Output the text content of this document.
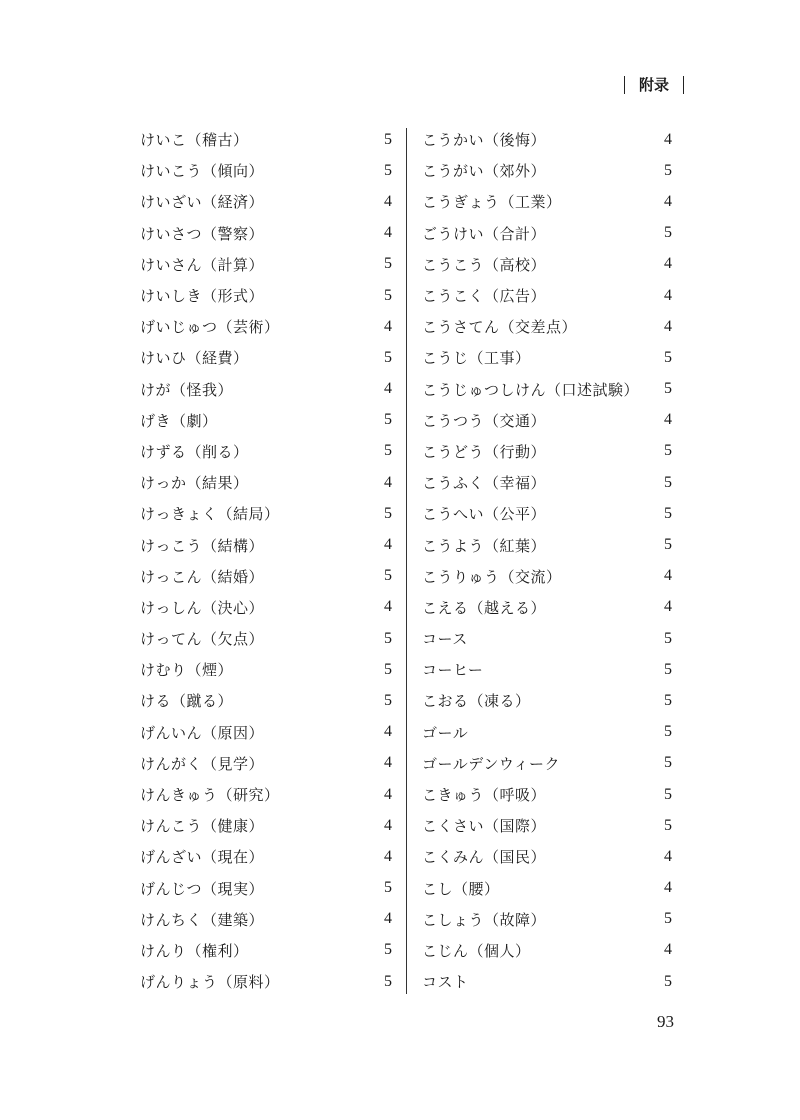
附录
けいこ（稽古）	5
けいこう（傾向）	5
けいざい（経済）	4
けいさつ（警察）	4
けいさん（計算）	5
けいしき（形式）	5
げいじゅつ（芸術）	4
けいひ（経費）	5
けが（怪我）	4
げき（劇）	5
けずる（削る）	5
けっか（結果）	4
けっきょく（結局）	5
けっこう（結構）	4
けっこん（結婚）	5
けっしん（決心）	4
けってん（欠点）	5
けむり（煙）	5
ける（蹴る）	5
げんいん（原因）	4
けんがく（見学）	4
けんきゅう（研究）	4
けんこう（健康）	4
げんざい（現在）	4
げんじつ（現実）	5
けんちく（建築）	4
けんり（権利）	5
げんりょう（原料）	5
こうかい（後悔）	4
こうがい（郊外）	5
こうぎょう（工業）	4
ごうけい（合計）	5
こうこう（高校）	4
こうこく（広告）	4
こうさてん（交差点）	4
こうじ（工事）	5
こうじゅつしけん（口述試験） 5
こうつう（交通）	4
こうどう（行動）	5
こうふく（幸福）	5
こうへい（公平）	5
こうよう（紅葉）	5
こうりゅう（交流）	4
こえる（越える）	4
コース	5
コーヒー	5
こおる（凍る）	5
ゴール	5
ゴールデンウィーク	5
こきゅう（呼吸）	5
こくさい（国際）	5
こくみん（国民）	4
こし（腰）	4
こしょう（故障）	5
こじん（個人）	4
コスト	5
93
